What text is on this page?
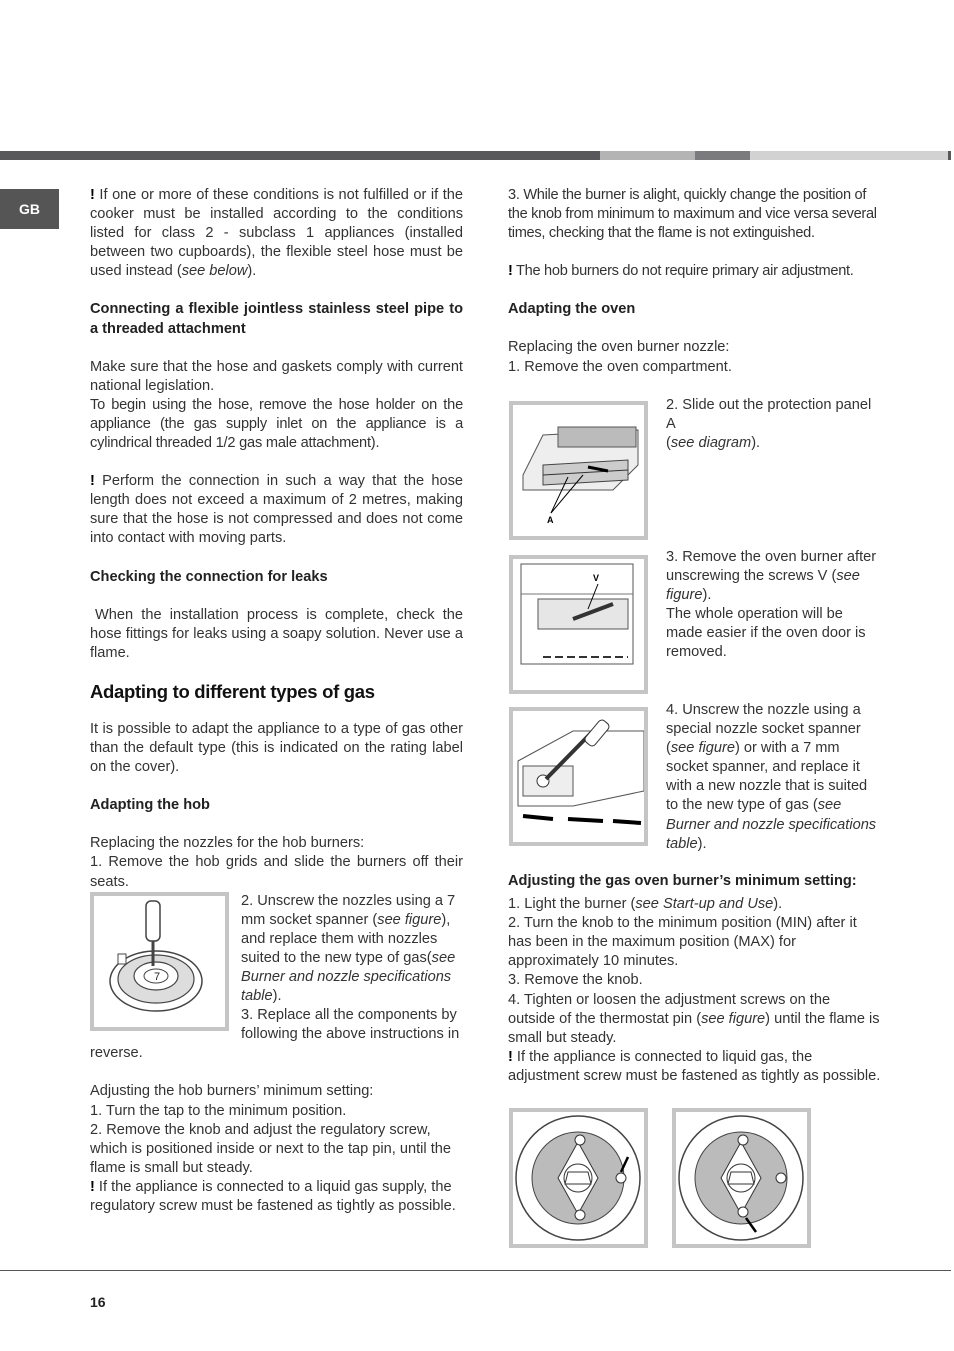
GB

! If one or more of these conditions is not fulfilled or if the cooker must be installed according to the conditions listed for class 2 - subclass 1 appliances (installed between two cupboards), the flexible steel hose must be used instead (see below).

Connecting a flexible jointless stainless steel pipe to a threaded attachment

Make sure that the hose and gaskets comply with current national legislation.
To begin using the hose, remove the hose holder on the appliance (the gas supply inlet on the appliance is a cylindrical threaded 1/2 gas male attachment).

! Perform the connection in such a way that the hose length does not exceed a maximum of 2 metres, making sure that the hose is not compressed and does not come into contact with moving parts.

Checking the connection for leaks

When the installation process is complete, check the hose fittings for leaks using a soapy solution. Never use a flame.

Adapting to different types of gas

It is possible to adapt the appliance to a type of gas other than the default type (this is indicated on the rating label on the cover).

Adapting the hob

Replacing the nozzles for the hob burners:
1. Remove the hob grids and slide the burners off their seats.

7
2. Unscrew the nozzles using a 7 mm socket spanner (see figure), and replace them with nozzles suited to the new type of gas(see Burner and nozzle specifications table).
3. Replace all the components by following the above instructions in reverse.

Adjusting the hob burners’ minimum setting:
1. Turn the tap to the minimum position.
2. Remove the knob and adjust the regulatory screw, which is positioned inside or next to the tap pin, until the flame is small but steady.
! If the appliance is connected to a liquid gas supply, the regulatory screw must be fastened as tightly as possible.

3. While the burner is alight, quickly change the position of the knob from minimum to maximum and vice versa several times, checking that the flame is not extinguished.

! The hob burners do not require primary air adjustment.

Adapting the oven

Replacing the oven burner nozzle:
1. Remove the oven compartment.

A
2. Slide out the protection panel A
(see diagram).
V
3. Remove the oven burner after unscrewing the screws V (see figure).
The whole operation will be made easier if the oven door is removed.
4. Unscrew the nozzle using a special nozzle socket spanner (see figure) or with a 7 mm socket spanner, and replace it with a new nozzle that is suited to the new type of gas (see Burner and nozzle specifications table).

Adjusting the gas oven burner’s minimum setting:

1. Light the burner (see Start-up and Use).
2. Turn the knob to the minimum position (MIN) after it has been in the maximum position (MAX) for approximately 10 minutes.
3. Remove the knob.
4. Tighten or loosen the adjustment screws on the outside of the thermostat pin (see figure) until the flame is small but steady.
! If the appliance is connected to liquid gas, the adjustment screw must be fastened as tightly as possible.
16
